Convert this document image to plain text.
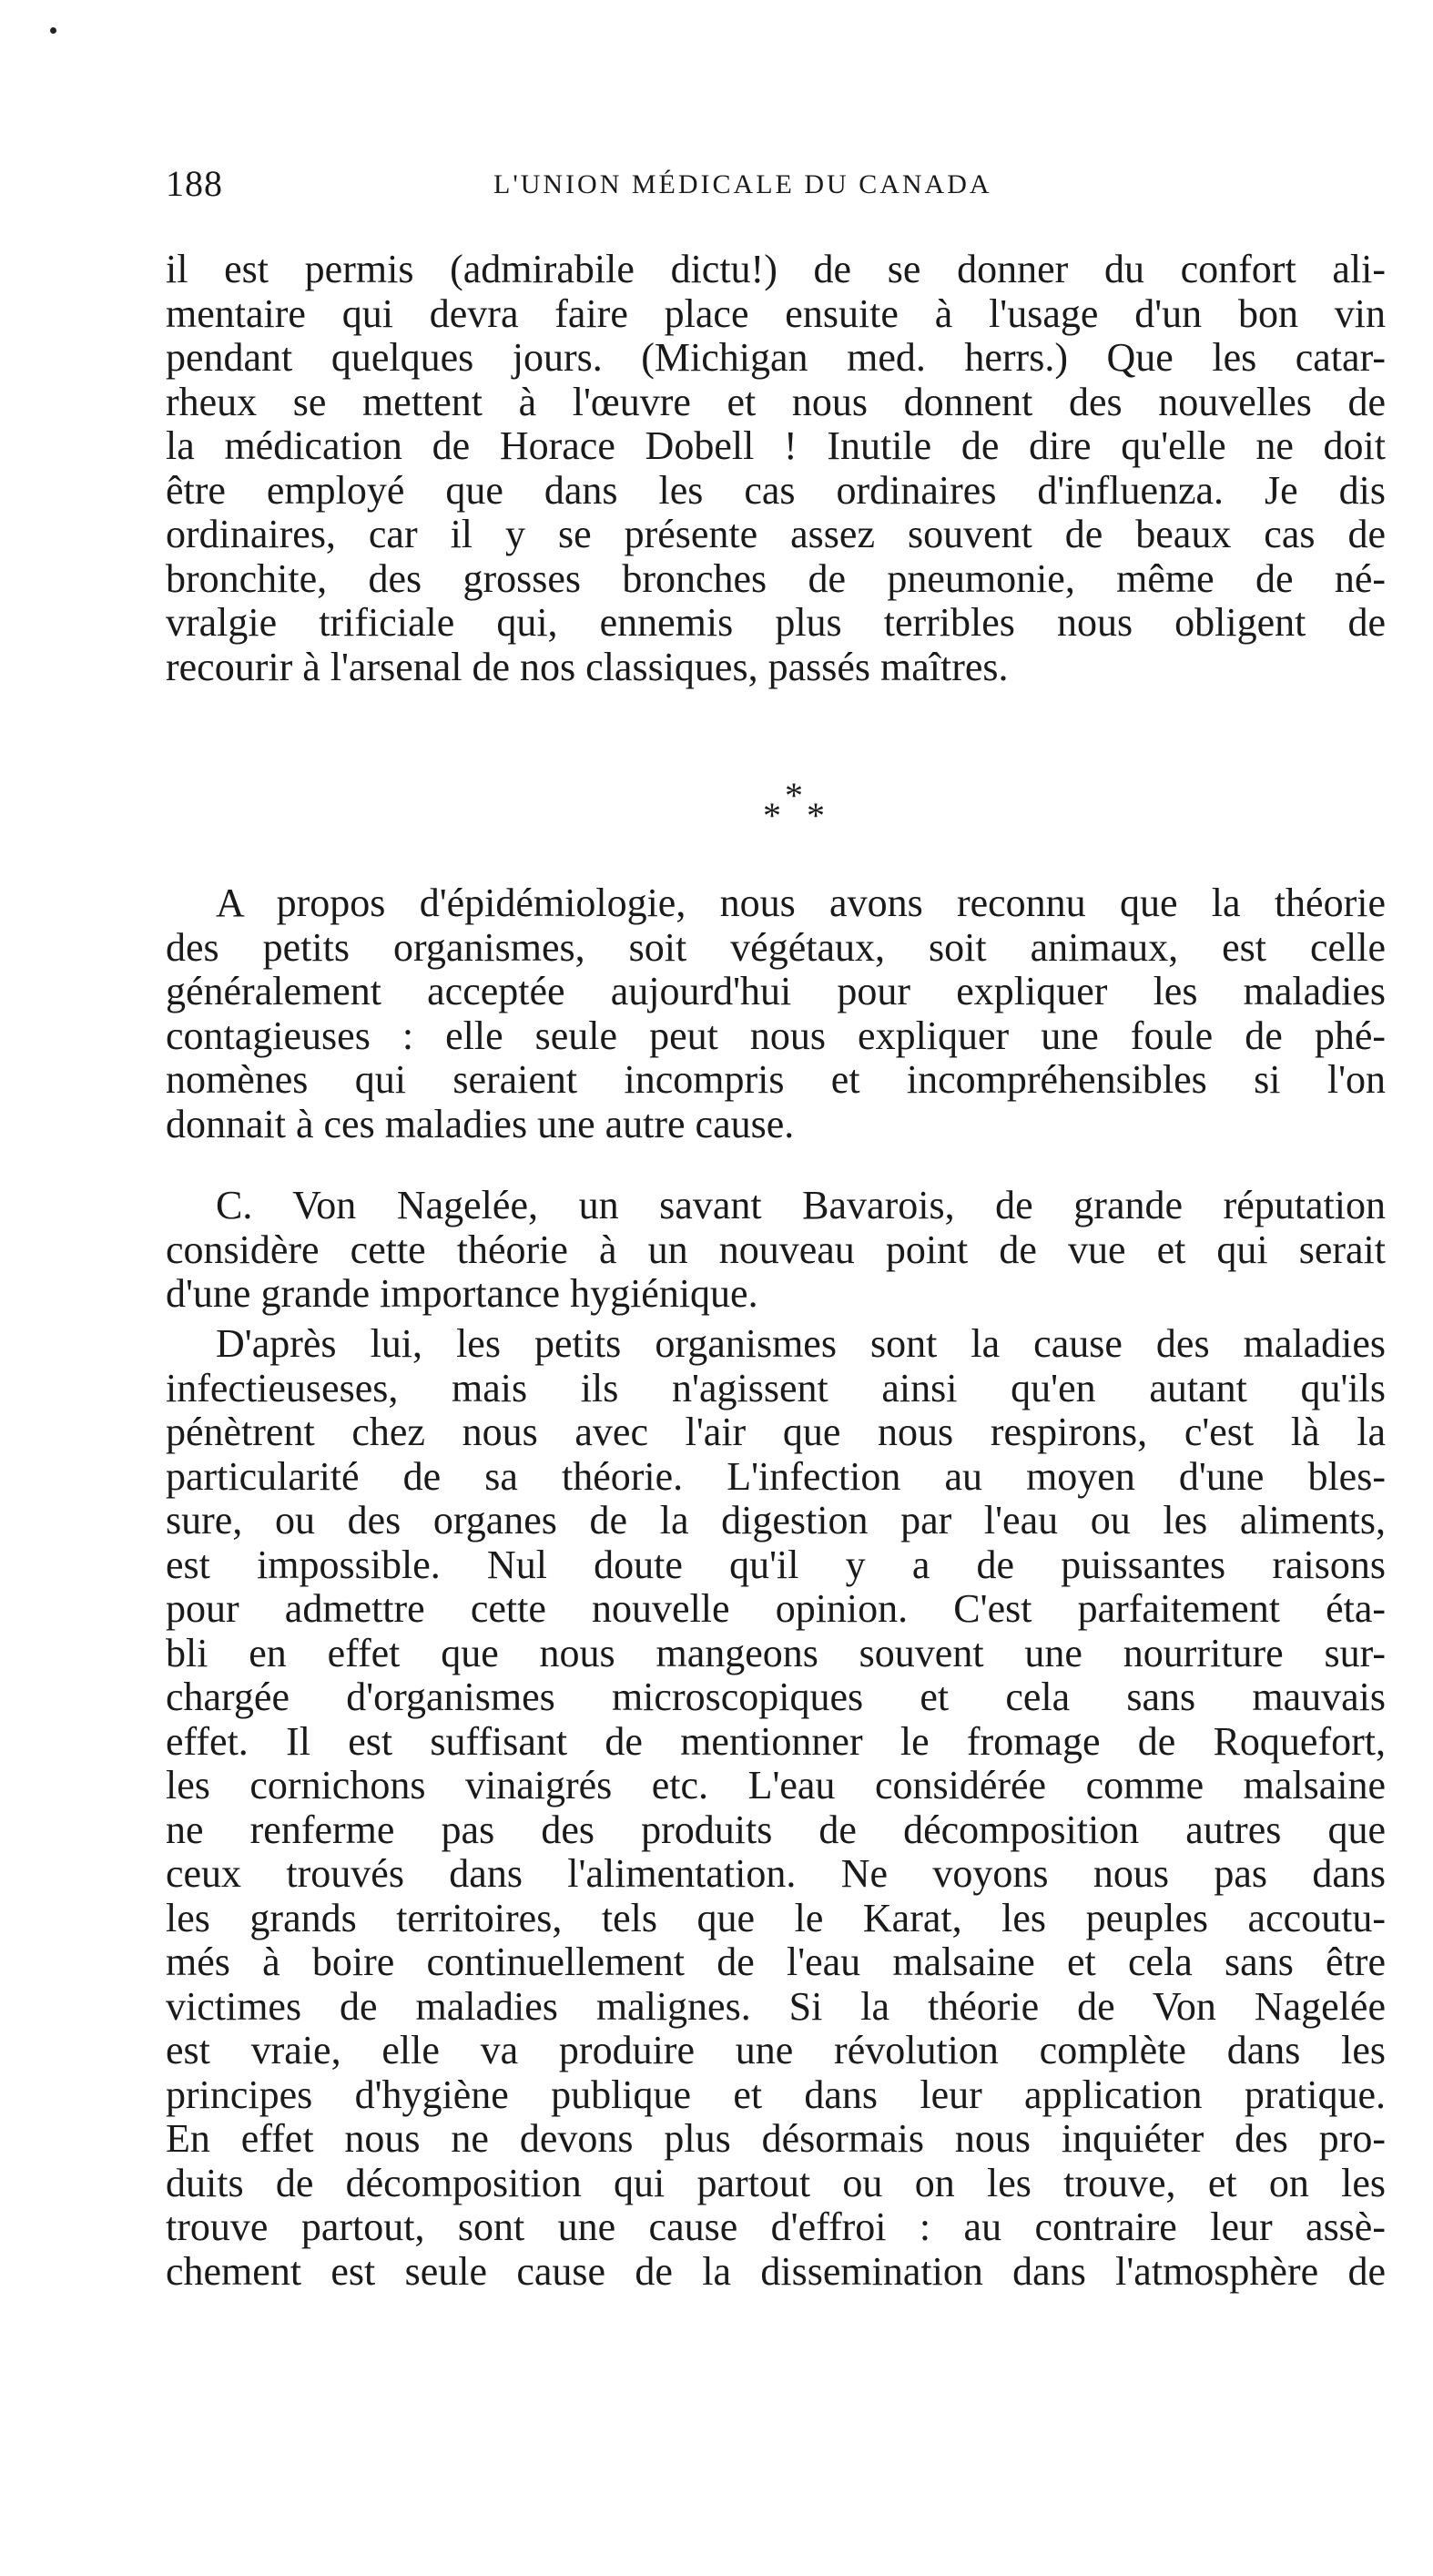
188	L'UNION MÉDICALE DU CANADA
il est permis (admirabile dictu!) de se donner du confort ali-
mentaire qui devra faire place ensuite à l'usage d'un bon vin
pendant quelques jours. (Michigan med. herrs.) Que les catar-
rheux se mettent à l'œuvre et nous donnent des nouvelles de
la médication de Horace Dobell ! Inutile de dire qu'elle ne doit
être employé que dans les cas ordinaires d'influenza. Je dis
ordinaires, car il y se présente assez souvent de beaux cas de
bronchite, des grosses bronches de pneumonie, même de né-
vralgie trificiale qui, ennemis plus terribles nous obligent de
recourir à l'arsenal de nos classiques, passés maîtres.
* * *
A propos d'épidémiologie, nous avons reconnu que la théorie
des petits organismes, soit végétaux, soit animaux, est celle
généralement acceptée aujourd'hui pour expliquer les maladies
contagieuses : elle seule peut nous expliquer une foule de phé-
nomènes qui seraient incompris et incompréhensibles si l'on
donnait à ces maladies une autre cause.
C. Von Nagelée, un savant Bavarois, de grande réputation
considère cette théorie à un nouveau point de vue et qui serait
d'une grande importance hygiénique.
D'après lui, les petits organismes sont la cause des maladies
infectieuseses, mais ils n'agissent ainsi qu'en autant qu'ils
pénètrent chez nous avec l'air que nous respirons, c'est là la
particularité de sa théorie. L'infection au moyen d'une bles-
sure, ou des organes de la digestion par l'eau ou les aliments,
est impossible. Nul doute qu'il y a de puissantes raisons
pour admettre cette nouvelle opinion. C'est parfaitement éta-
bli en effet que nous mangeons souvent une nourriture sur-
chargée d'organismes microscopiques et cela sans mauvais
effet. Il est suffisant de mentionner le fromage de Roquefort,
les cornichons vinaigrés etc. L'eau considérée comme malsaine
ne renferme pas des produits de décomposition autres que
ceux trouvés dans l'alimentation. Ne voyons nous pas dans
les grands territoires, tels que le Karat, les peuples accoutu-
més à boire continuellement de l'eau malsaine et cela sans être
victimes de maladies malignes. Si la théorie de Von Nagelée
est vraie, elle va produire une révolution complète dans les
principes d'hygiène publique et dans leur application pratique.
En effet nous ne devons plus désormais nous inquiéter des pro-
duits de décomposition qui partout ou on les trouve, et on les
trouve partout, sont une cause d'effroi : au contraire leur assè-
chement est seule cause de la dissemination dans l'atmosphère de
